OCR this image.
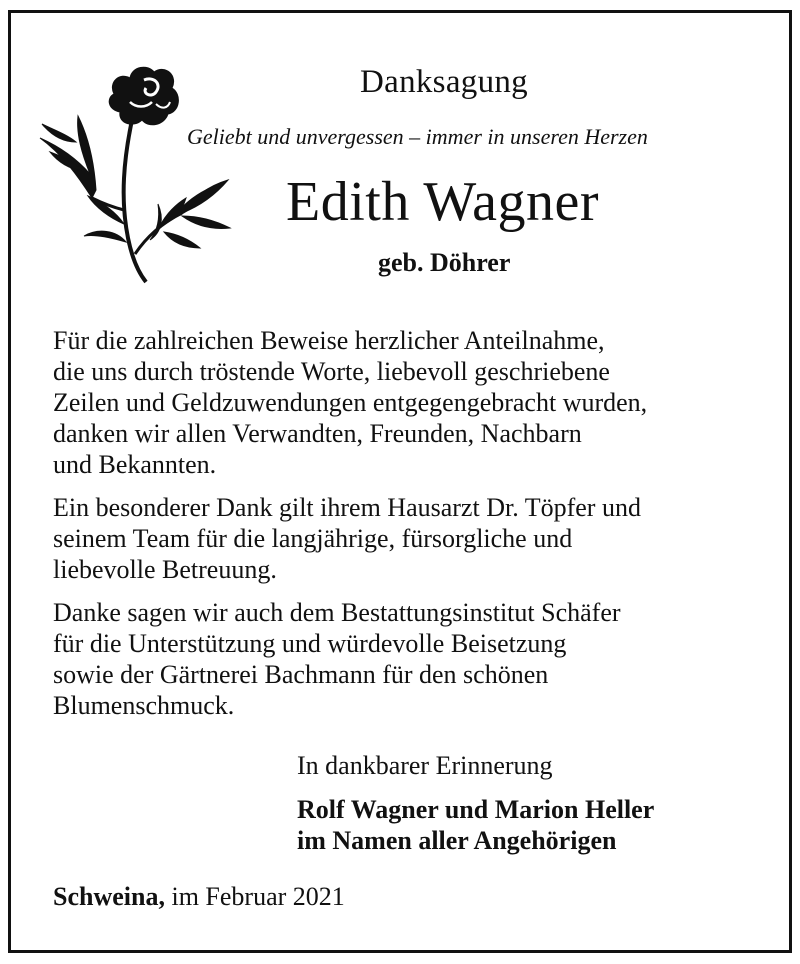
Danksagung
Geliebt und unvergessen – immer in unseren Herzen
Edith Wagner
geb. Döhrer

Für die zahlreichen Beweise herzlicher Anteilnahme,
die uns durch tröstende Worte, liebevoll geschriebene
Zeilen und Geldzuwendungen entgegengebracht wurden,
danken wir allen Verwandten, Freunden, Nachbarn
und Bekannten.

Ein besonderer Dank gilt ihrem Hausarzt Dr. Töpfer und
seinem Team für die langjährige, fürsorgliche und
liebevolle Betreuung.

Danke sagen wir auch dem Bestattungsinstitut Schäfer
für die Unterstützung und würdevolle Beisetzung
sowie der Gärtnerei Bachmann für den schönen
Blumenschmuck.

In dankbarer Erinnerung
Rolf Wagner und Marion Heller
im Namen aller Angehörigen
Schweina, im Februar 2021
